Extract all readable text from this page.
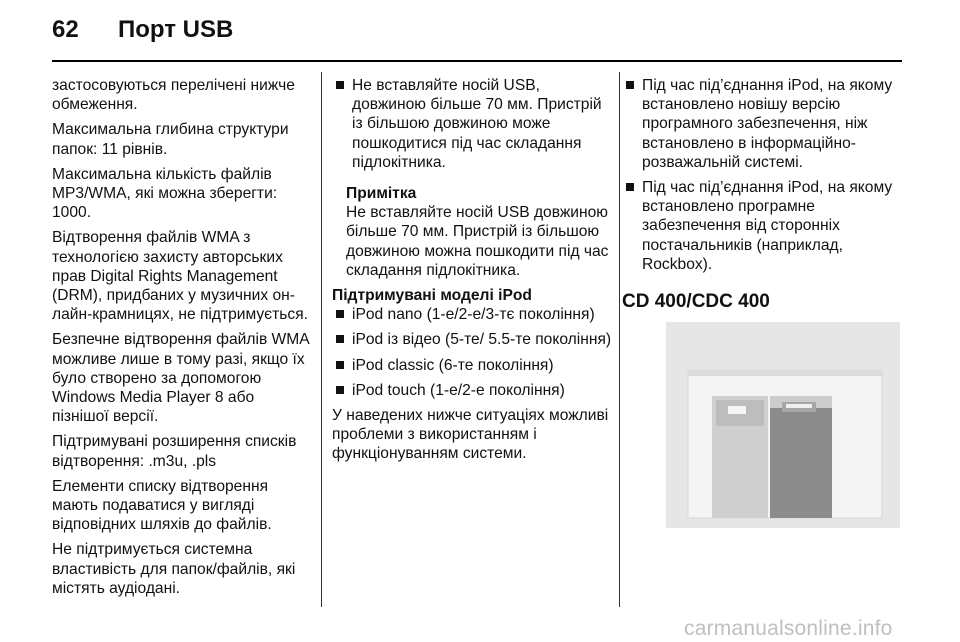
62 Порт USB

застосовуються перелічені нижче обмеження.

Максимальна глибина структури папок: 11 рівнів.

Максимальна кількість файлів MP3/WMA, які можна зберегти: 1000.

Відтворення файлів WMA з технологією захисту авторських прав Digital Rights Management (DRM), придбаних у музичних он-лайн-крамницях, не підтримується.

Безпечне відтворення файлів WMA можливе лише в тому разі, якщо їх було створено за допомогою Windows Media Player 8 або пізнішої версії.

Підтримувані розширення списків відтворення: .m3u, .pls

Елементи списку відтворення мають подаватися у вигляді відповідних шляхів до файлів.

Не підтримується системна властивість для папок/файлів, які містять аудіодані.

Не вставляйте носій USB, довжиною більше 70 мм. Пристрій із більшою довжиною може пошкодитися під час складання підлокітника.
Примітка
Не вставляйте носій USB довжиною більше 70 мм. Пристрій із більшою довжиною можна пошкодити під час складання підлокітника.
Підтримувані моделі iPod
iPod nano (1-е/2-е/3-тє покоління)
iPod із відео (5-те/ 5.5-те покоління)
iPod classic (6-те покоління)
iPod touch (1-е/2-е покоління)

У наведених нижче ситуаціях можливі проблеми з використанням і функціонуванням системи.

Під час під’єднання iPod, на якому встановлено новішу версію програмного забезпечення, ніж встановлено в інформаційно-розважальній системі.
Під час під’єднання iPod, на якому встановлено програмне забезпечення від сторонніх постачальників (наприклад, Rockbox).
CD 400/CDC 400
carmanualsonline.info
